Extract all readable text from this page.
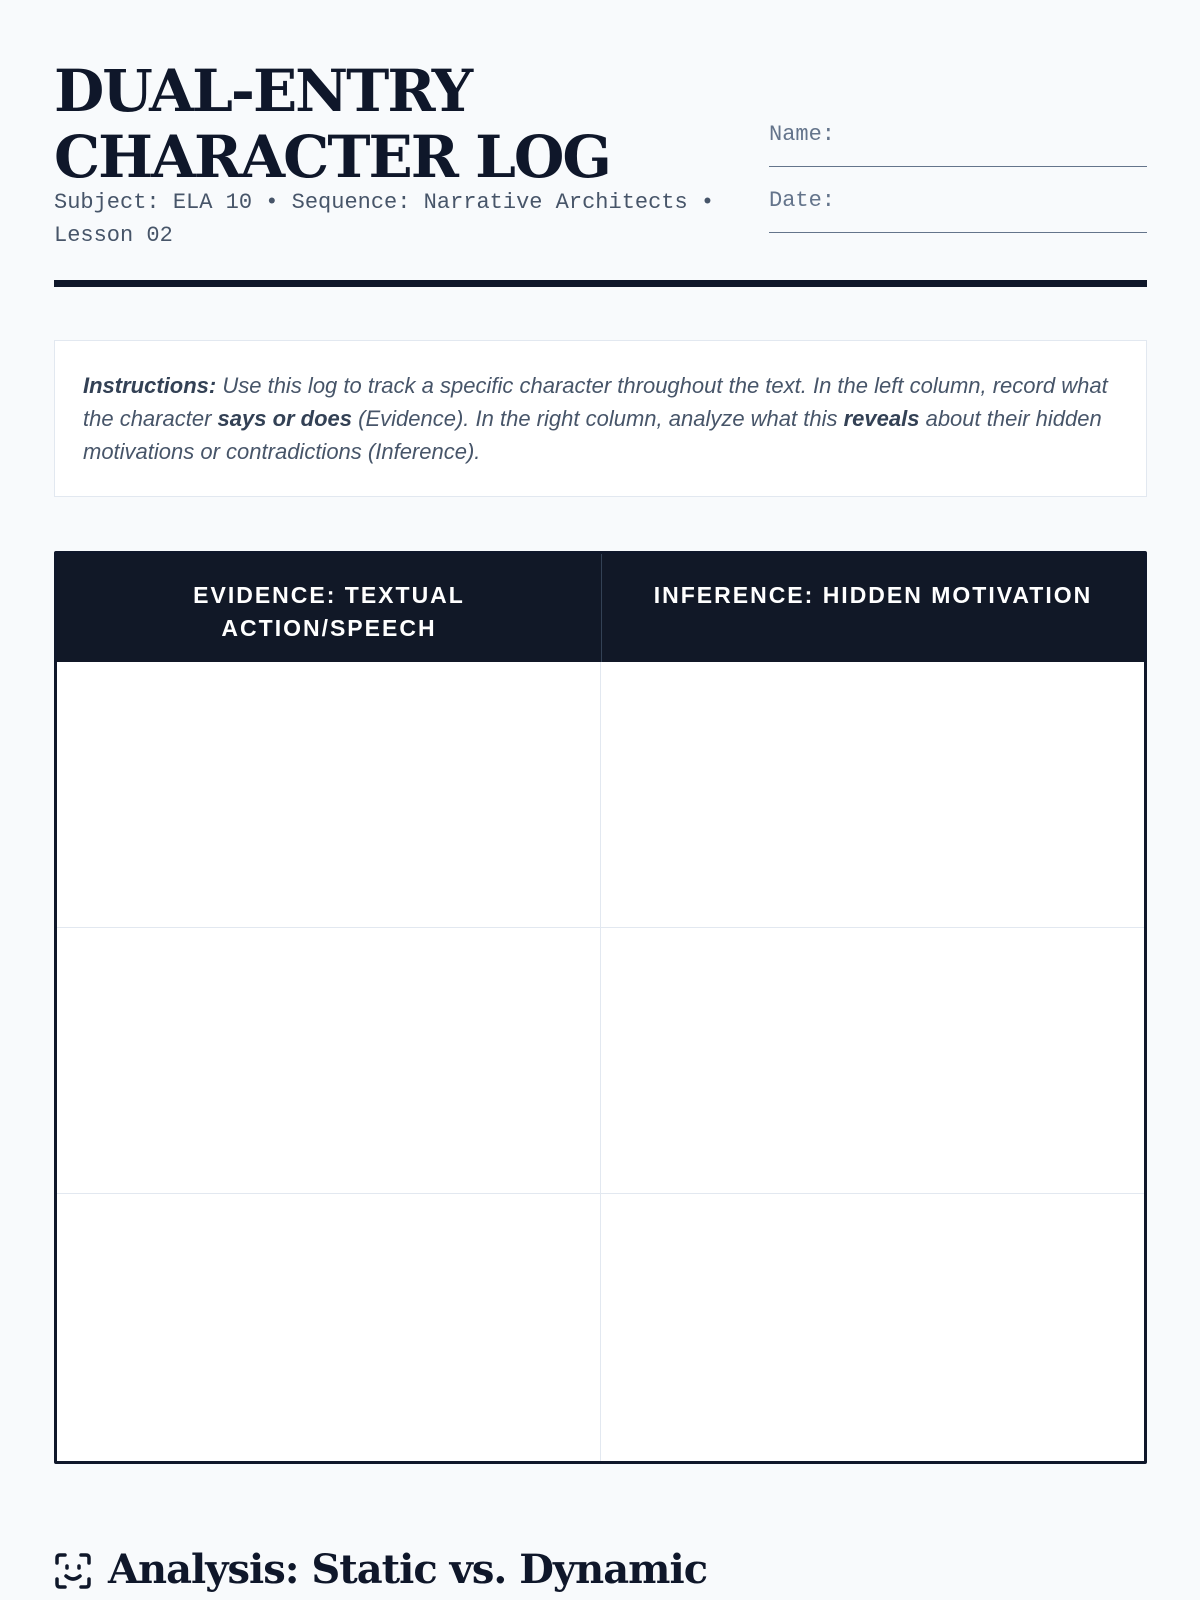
DUAL-ENTRY
CHARACTER LOG
Subject: ELA 10 • Sequence: Narrative Architects • Lesson 02
Name:
Date:
Instructions: Use this log to track a specific character throughout the text. In the left column, record what the character says or does (Evidence). In the right column, analyze what this reveals about their hidden motivations or contradictions (Inference).
EVIDENCE: TEXTUAL ACTION/SPEECH
INFERENCE: HIDDEN MOTIVATION
Analysis: Static vs. Dynamic
